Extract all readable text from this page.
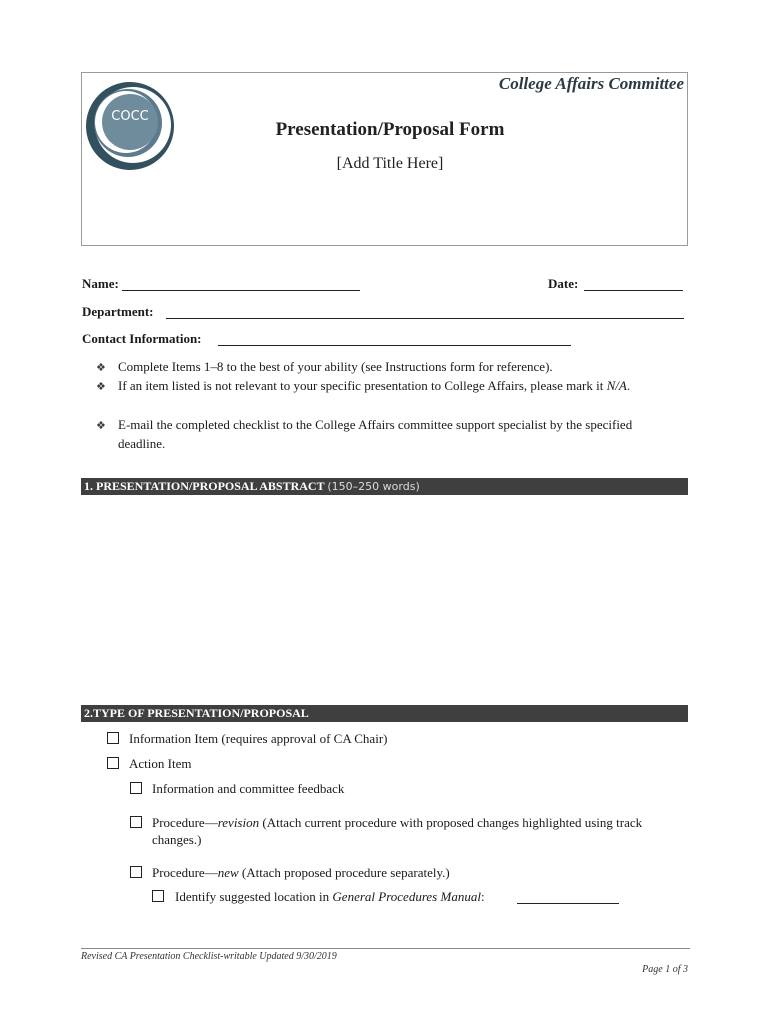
COCC
College Affairs Committee
Presentation/Proposal Form
[Add Title Here]
Name:	Date:
Department:
Contact Information:
❖ Complete Items 1–8 to the best of your ability (see Instructions form for reference).
❖ If an item listed is not relevant to your specific presentation to College Affairs, please mark it N/A.
❖ E-mail the completed checklist to the College Affairs committee support specialist by the specified deadline.
1. PRESENTATION/PROPOSAL ABSTRACT (150–250 words)
2.TYPE OF PRESENTATION/PROPOSAL
Information Item (requires approval of CA Chair)
Action Item
Information and committee feedback
Procedure—revision (Attach current procedure with proposed changes highlighted using track changes.)
Procedure—new (Attach proposed procedure separately.)
Identify suggested location in General Procedures Manual:
Revised CA Presentation Checklist-writable Updated 9/30/2019
Page 1 of 3
